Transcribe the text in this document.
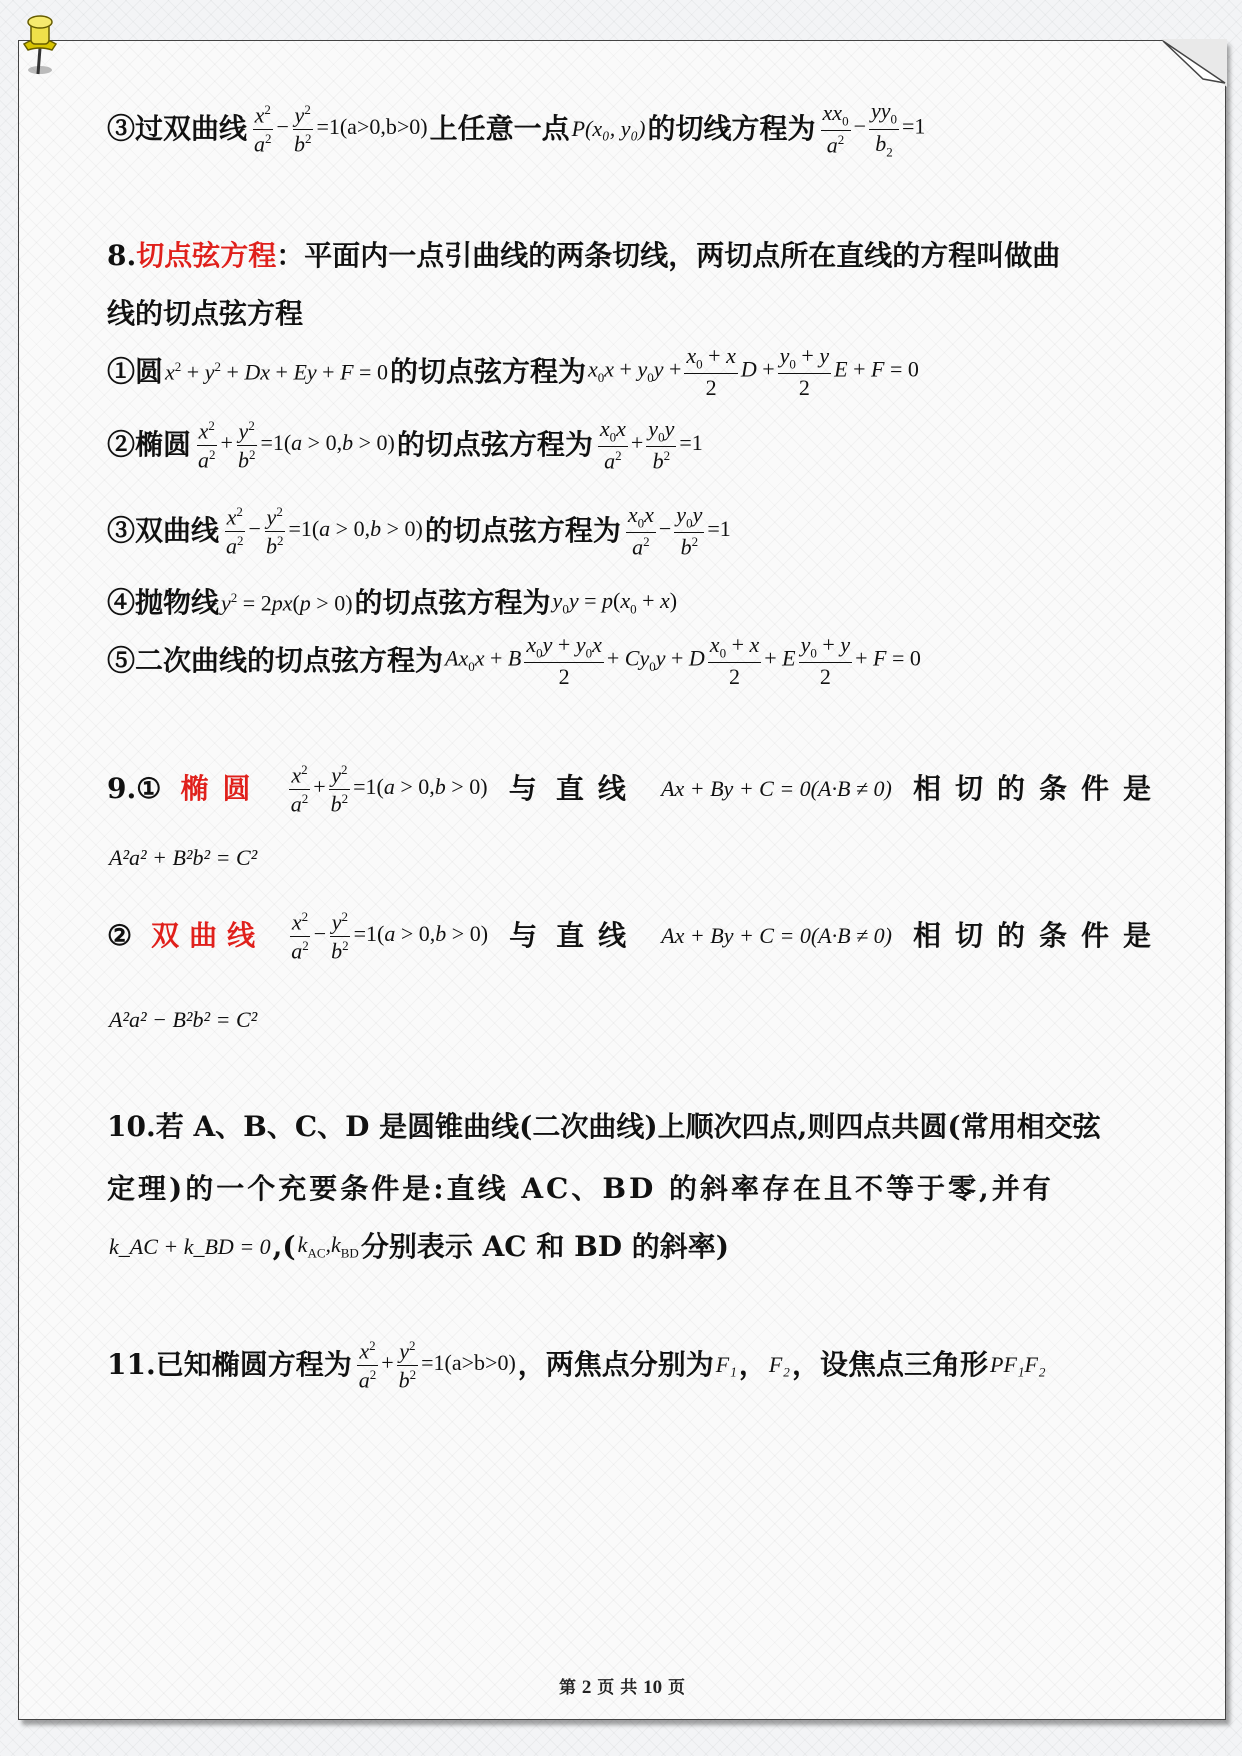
③过双曲线 $\frac{x^2}{a^2} - \frac{y^2}{b^2} =1(a>0,b>0)$ 上任意一点 P(x₀, y₀) 的切线方程为 $\frac{xx_0}{a^2} - \frac{yy_0}{b_2} =1$
8. 切点弦方程 ：平面内一点引曲线的两条切线，两切点所在直线的方程叫做曲
线的切点弦方程
①圆 $x^2 + y^2 + Dx + Ey + F = 0$ 的切点弦方程为 $x_0x + y_0y + \frac{x_0 + x}{2}$ $D + \frac{y_0 + y}{2}$ E + F = 0
②椭圆 $\frac{x^2}{a^2} + \frac{y^2}{b^2} =1(a > 0,b > 0)$ 的切点弦方程为 $\frac{x_0x}{a^2} + \frac{y_0y}{b^2} =1$
③双曲线 $\frac{x^2}{a^2} - \frac{y^2}{b^2} =1(a > 0,b > 0)$ 的切点弦方程为 $\frac{x_0x}{a^2} - \frac{y_0y}{b^2} =1$
④抛物线 $y^2 = 2px(p > 0)$ 的切点弦方程为 $y_0y = p(x_0 + x)$
⑤二次曲线的切点弦方程为 $Ax_0x + B \frac{x_0y + y_0x}{2} + Cy_0y + D \frac{x_0 + x}{2} + E \frac{y_0 + y}{2} + F = 0$
9.① 椭圆 $\frac{x^2}{a^2} + \frac{y^2}{b^2} =1(a > 0,b > 0)$ 与 直线 Ax + By + C = 0(A·B ≠ 0) 相切的条件是
A²a² + B²b² = C²
② 双曲线 $\frac{x^2}{a^2} - \frac{y^2}{b^2} =1(a > 0,b > 0)$ 与 直线 Ax + By + C = 0(A·B ≠ 0) 相切的条件是
A²a² − B²b² = C²
10.若 A、B、C、D 是圆锥曲线(二次曲线)上顺次四点,则四点共圆(常用相交弦
定理)的一个充要条件是:直线 AC、BD 的斜率存在且不等于零,并有
k_AC + k_BD = 0 ,( $k_{AC},k_{BD}$ 分别表示 AC 和 BD 的斜率)
11.已知椭圆方程为 $\frac{x^2}{a^2} + \frac{y^2}{b^2} =1(a>b>0)$ ，两焦点分别为 F₁ ， F₂ ，设焦点三角形 PF₁F₂
第 2 页 共 10 页
